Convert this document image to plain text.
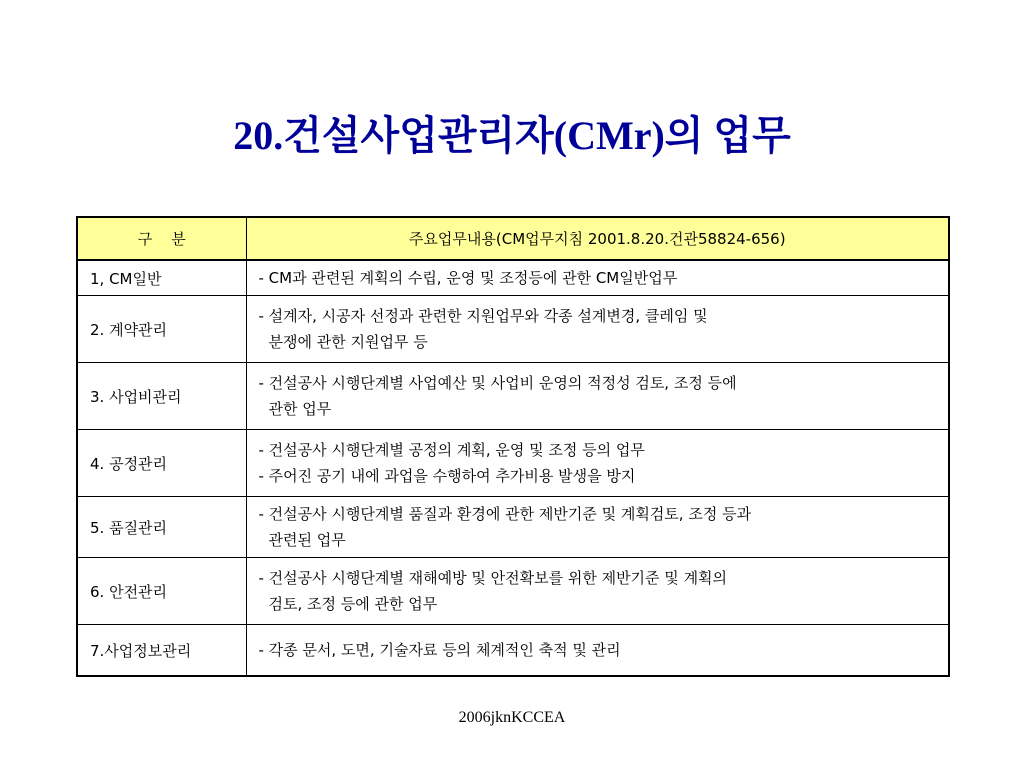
20.건설사업관리자(CMr)의 업무
구    분	주요업무내용(CM업무지침 2001.8.20.건관58824-656)
1, CM일반	- CM과 관련된 계획의 수립, 운영 및 조정등에 관한 CM일반업무

2. 계약관리	- 설계자, 시공자 선정과 관련한 지원업무와 각종 설계변경, 클레임 및
분쟁에 관한 지원업무 등

3. 사업비관리	- 건설공사 시행단계별 사업예산 및 사업비 운영의 적정성 검토, 조정 등에
관한 업무

4. 공정관리	- 건설공사 시행단계별 공정의 계획, 운영 및 조정 등의 업무
- 주어진 공기 내에 과업을 수행하여 추가비용 발생을 방지

5. 품질관리	- 건설공사 시행단계별 품질과 환경에 관한 제반기준 및 계획검토, 조정 등과
관련된 업무

6. 안전관리	- 건설공사 시행단계별 재해예방 및 안전확보를 위한 제반기준 및 계획의
검토, 조정 등에 관한 업무

7.사업정보관리	- 각종 문서, 도면, 기술자료 등의 체계적인 축적 및 관리
2006jknKCCEA
